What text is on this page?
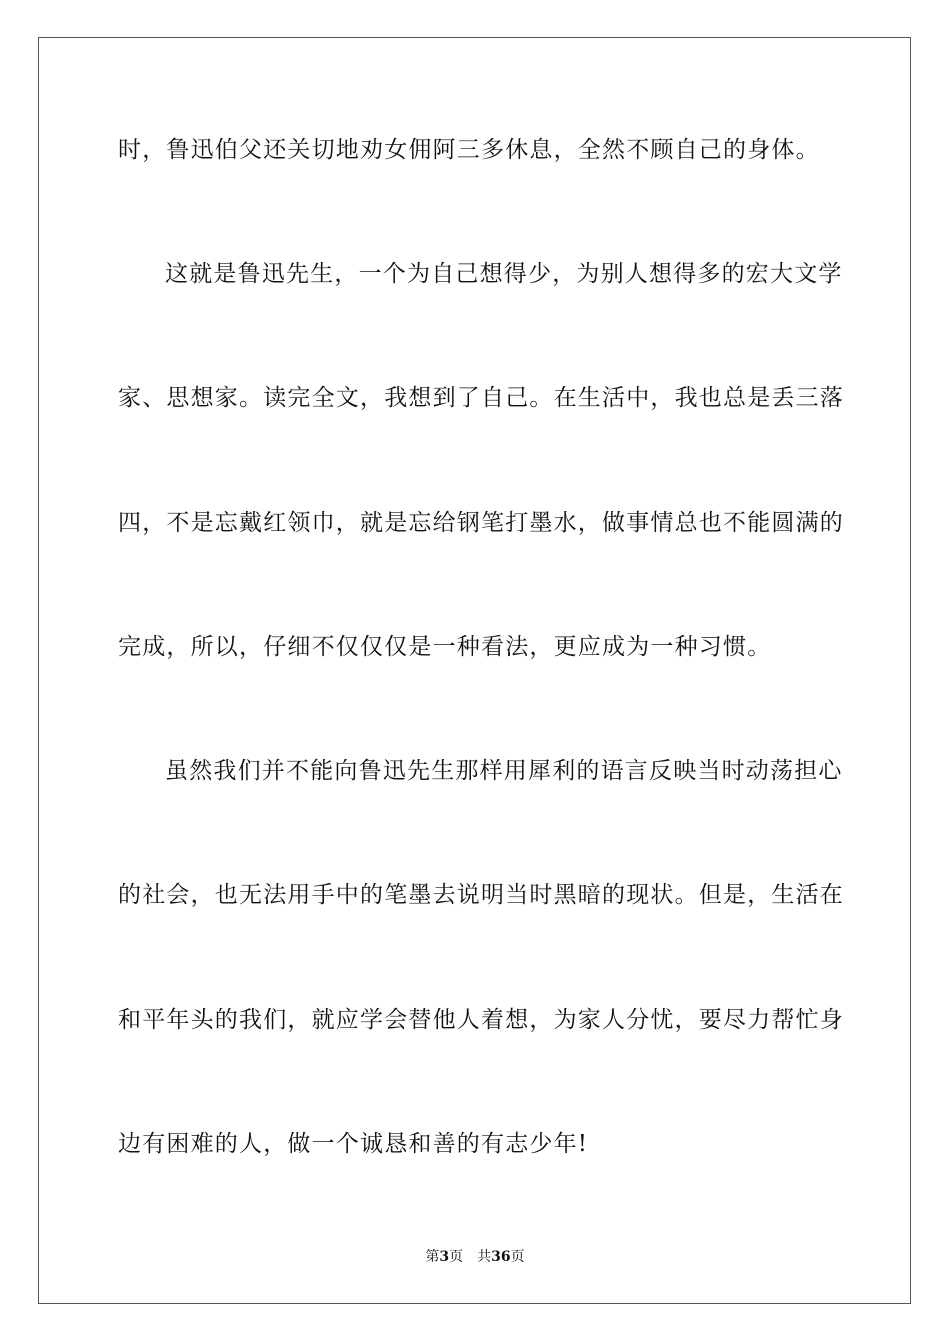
时，鲁迅伯父还关切地劝女佣阿三多休息，全然不顾自己的身体。
这就是鲁迅先生，一个为自己想得少，为别人想得多的宏大文学
家、思想家。读完全文，我想到了自己。在生活中，我也总是丢三落
四，不是忘戴红领巾，就是忘给钢笔打墨水，做事情总也不能圆满的
完成，所以，仔细不仅仅仅是一种看法，更应成为一种习惯。
虽然我们并不能向鲁迅先生那样用犀利的语言反映当时动荡担心
的社会，也无法用手中的笔墨去说明当时黑暗的现状。但是，生活在
和平年头的我们，就应学会替他人着想，为家人分忧，要尽力帮忙身
边有困难的人，做一个诚恳和善的有志少年!
第3页 共36页
